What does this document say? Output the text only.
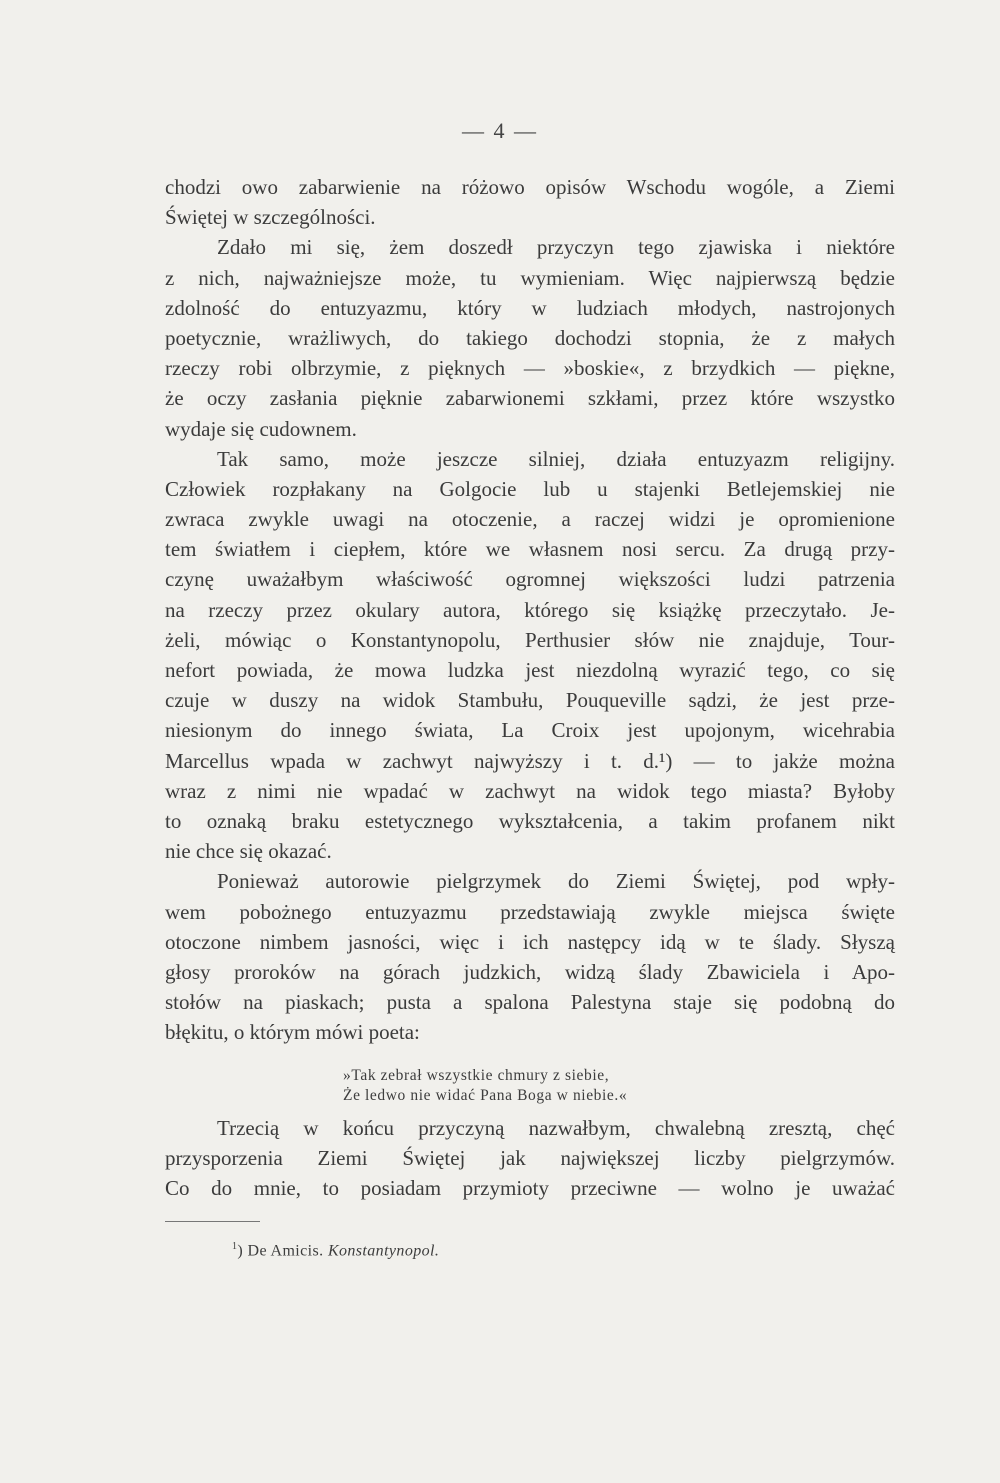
— 4 —
chodzi owo zabarwienie na różowo opisów Wschodu wogóle, a Ziemi
Świętej w szczególności.
Zdało mi się, żem doszedł przyczyn tego zjawiska i niektóre
z nich, najważniejsze może, tu wymieniam. Więc najpierwszą będzie
zdolność do entuzyazmu, który w ludziach młodych, nastrojonych
poetycznie, wrażliwych, do takiego dochodzi stopnia, że z małych
rzeczy robi olbrzymie, z pięknych — »boskie«, z brzydkich — piękne,
że oczy zasłania pięknie zabarwionemi szkłami, przez które wszystko
wydaje się cudownem.
Tak samo, może jeszcze silniej, działa entuzyazm religijny.
Człowiek rozpłakany na Golgocie lub u stajenki Betlejemskiej nie
zwraca zwykle uwagi na otoczenie, a raczej widzi je opromienione
tem światłem i ciepłem, które we własnem nosi sercu. Za drugą przy-
czynę uważałbym właściwość ogromnej większości ludzi patrzenia
na rzeczy przez okulary autora, którego się książkę przeczytało. Je-
żeli, mówiąc o Konstantynopolu, Perthusier słów nie znajduje, Tour-
nefort powiada, że mowa ludzka jest niezdolną wyrazić tego, co się
czuje w duszy na widok Stambułu, Pouqueville sądzi, że jest prze-
niesionym do innego świata, La Croix jest upojonym, wicehrabia
Marcellus wpada w zachwyt najwyższy i t. d.¹) — to jakże można
wraz z nimi nie wpadać w zachwyt na widok tego miasta? Byłoby
to oznaką braku estetycznego wykształcenia, a takim profanem nikt
nie chce się okazać.
Ponieważ autorowie pielgrzymek do Ziemi Świętej, pod wpły-
wem pobożnego entuzyazmu przedstawiają zwykle miejsca święte
otoczone nimbem jasności, więc i ich następcy idą w te ślady. Słyszą
głosy proroków na górach judzkich, widzą ślady Zbawiciela i Apo-
stołów na piaskach; pusta a spalona Palestyna staje się podobną do
błękitu, o którym mówi poeta:
»Tak zebrał wszystkie chmury z siebie,
Że ledwo nie widać Pana Boga w niebie.«
Trzecią w końcu przyczyną nazwałbym, chwalebną zresztą, chęć
przysporzenia Ziemi Świętej jak największej liczby pielgrzymów.
Co do mnie, to posiadam przymioty przeciwne — wolno je uważać
$^1$) De Amicis. Konstantynopol.
